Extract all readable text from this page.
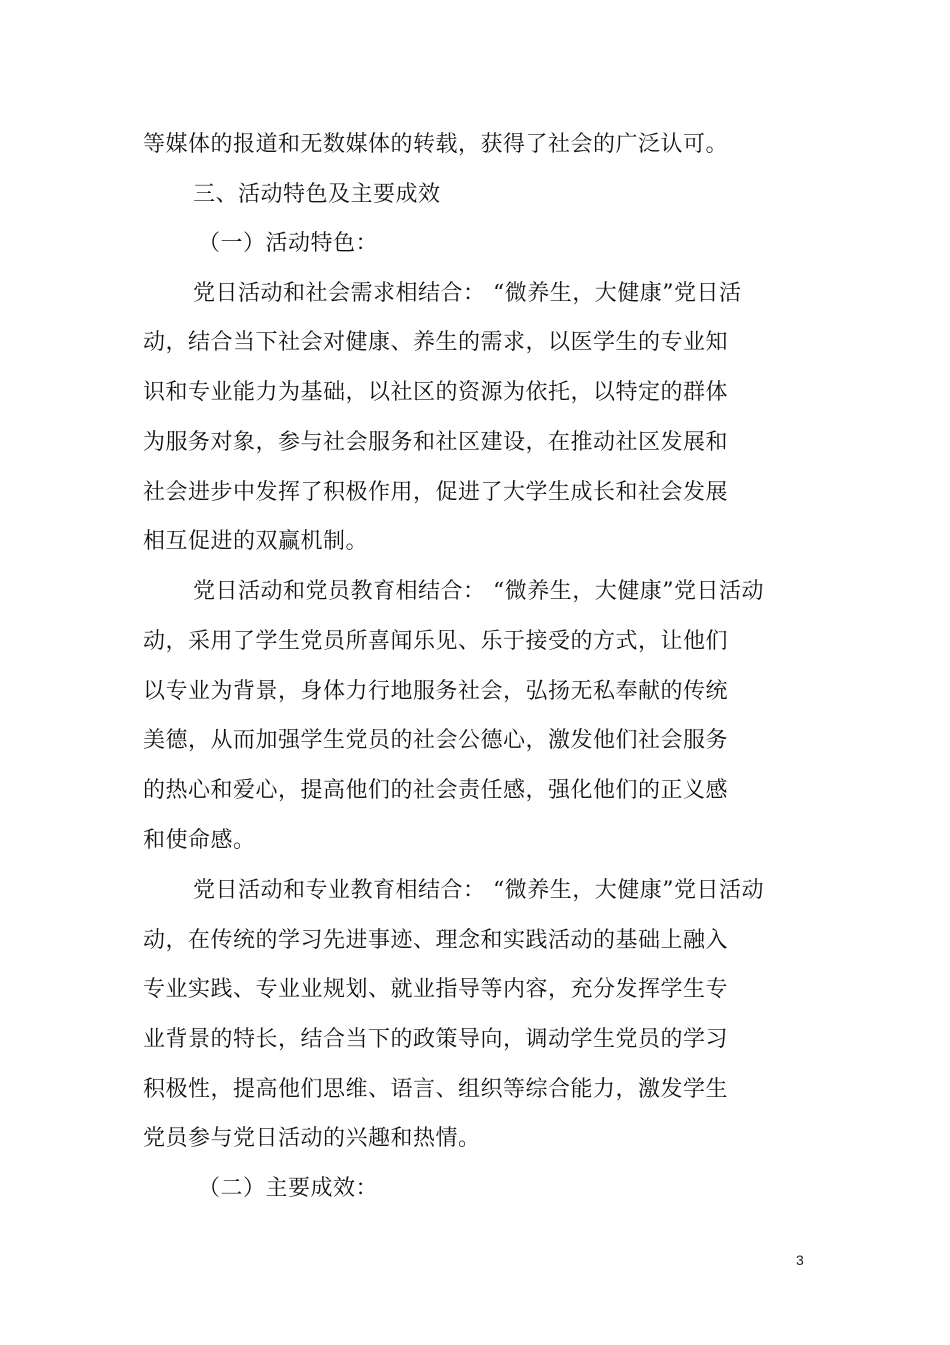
等媒体的报道和无数媒体的转载，获得了社会的广泛认可。
三、活动特色及主要成效
（一）活动特色：
党日活动和社会需求相结合： “微养生，大健康”党日活
动，结合当下社会对健康、养生的需求，以医学生的专业知
识和专业能力为基础，以社区的资源为依托，以特定的群体
为服务对象，参与社会服务和社区建设，在推动社区发展和
社会进步中发挥了积极作用，促进了大学生成长和社会发展
相互促进的双赢机制。
党日活动和党员教育相结合： “微养生，大健康”党日活动
动，采用了学生党员所喜闻乐见、乐于接受的方式，让他们
以专业为背景，身体力行地服务社会，弘扬无私奉献的传统
美德，从而加强学生党员的社会公德心，激发他们社会服务
的热心和爱心，提高他们的社会责任感，强化他们的正义感
和使命感。
党日活动和专业教育相结合： “微养生，大健康”党日活动
动，在传统的学习先进事迹、理念和实践活动的基础上融入
专业实践、专业业规划、就业指导等内容，充分发挥学生专
业背景的特长，结合当下的政策导向，调动学生党员的学习
积极性，提高他们思维、语言、组织等综合能力，激发学生
党员参与党日活动的兴趣和热情。
（二）主要成效：
3
